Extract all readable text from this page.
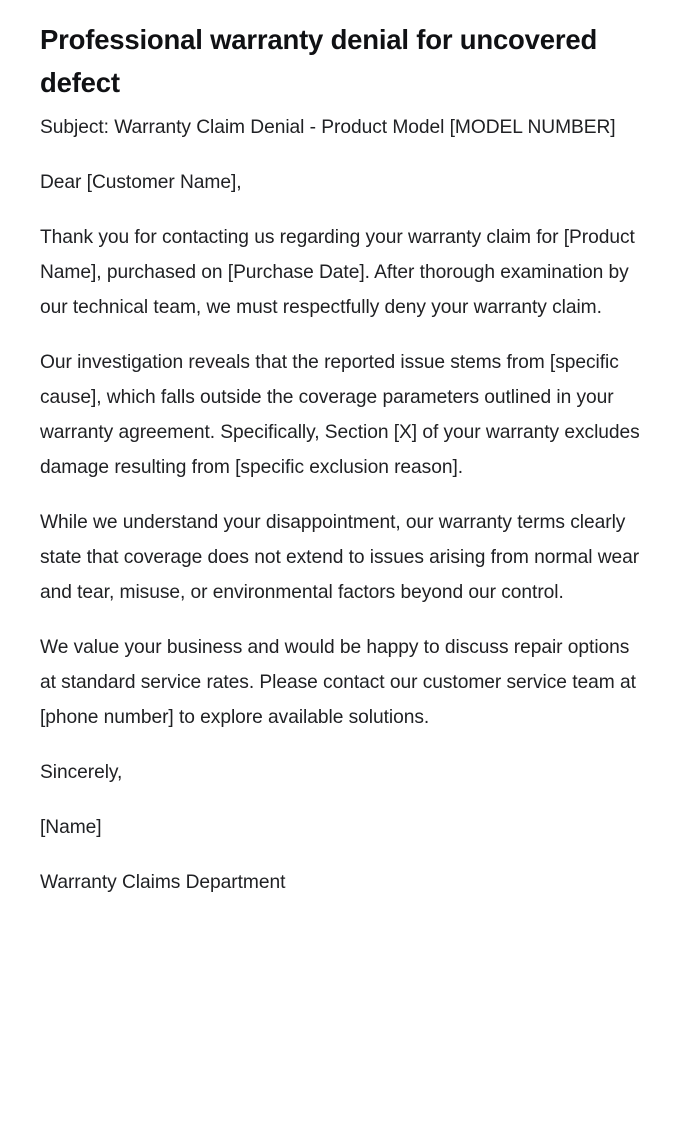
Professional warranty denial for uncovered defect

Subject: Warranty Claim Denial - Product Model [MODEL NUMBER]

Dear [Customer Name],

Thank you for contacting us regarding your warranty claim for [Product Name], purchased on [Purchase Date]. After thorough examination by our technical team, we must respectfully deny your warranty claim.

Our investigation reveals that the reported issue stems from [specific cause], which falls outside the coverage parameters outlined in your warranty agreement. Specifically, Section [X] of your warranty excludes damage resulting from [specific exclusion reason].

While we understand your disappointment, our warranty terms clearly state that coverage does not extend to issues arising from normal wear and tear, misuse, or environmental factors beyond our control.

We value your business and would be happy to discuss repair options at standard service rates. Please contact our customer service team at [phone number] to explore available solutions.

Sincerely,

[Name]

Warranty Claims Department
